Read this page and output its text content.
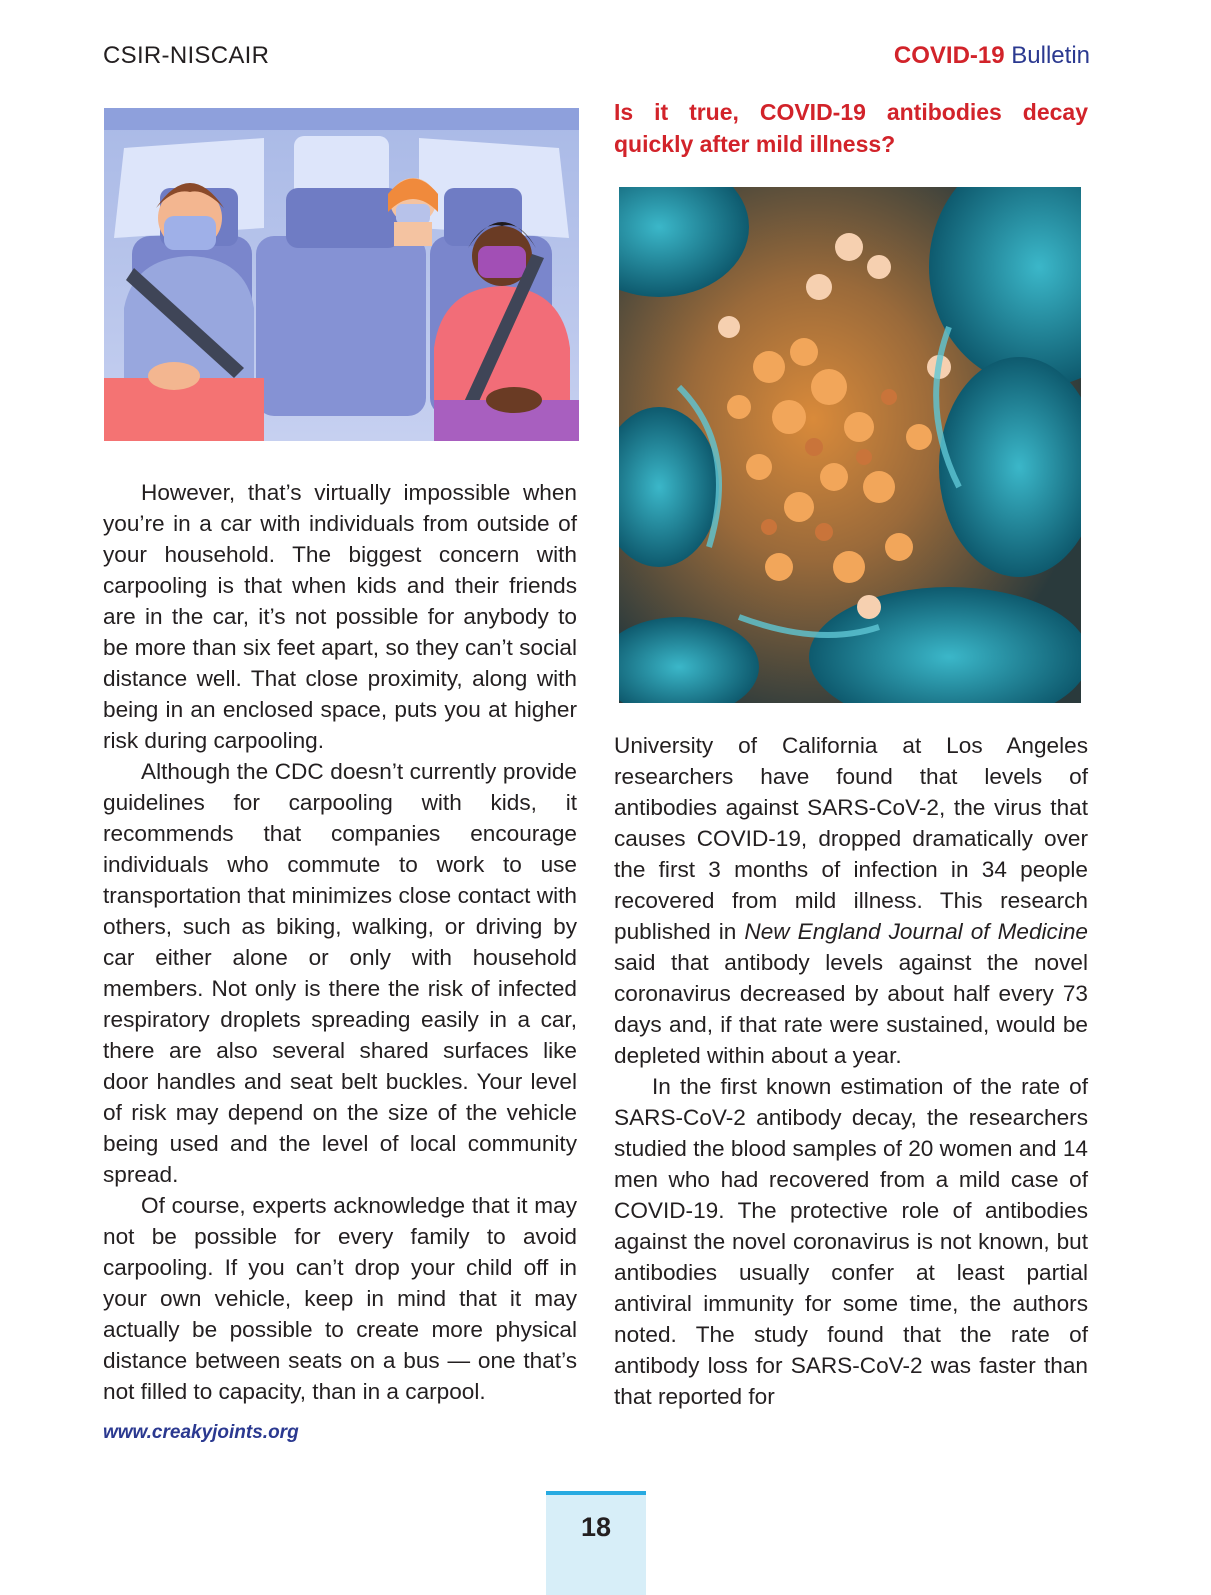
CSIR-NISCAIR	COVID-19 Bulletin

However, that’s virtually impossible when you’re in a car with individuals from outside of your household. The biggest concern with carpooling is that when kids and their friends are in the car, it’s not possible for anybody to be more than six feet apart, so they can’t social distance well. That close proximity, along with being in an enclosed space, puts you at higher risk during carpooling.

Although the CDC doesn’t currently provide guidelines for carpooling with kids, it recommends that companies encourage individuals who commute to work to use transportation that minimizes close contact with others, such as biking, walking, or driving by car either alone or only with household members. Not only is there the risk of infected respiratory droplets spreading easily in a car, there are also several shared surfaces like door handles and seat belt buckles. Your level of risk may depend on the size of the vehicle being used and the level of local community spread.

Of course, experts acknowledge that it may not be possible for every family to avoid carpooling. If you can’t drop your child off in your own vehicle, keep in mind that it may actually be possible to create more physical distance between seats on a bus — one that’s not filled to capacity, than in a carpool.

www.creakyjoints.org
Is it true, COVID-19 antibodies decay quickly after mild illness?

University of California at Los Angeles researchers have found that levels of antibodies against SARS-CoV-2, the virus that causes COVID-19, dropped dramatically over the first 3 months of infection in 34 people recovered from mild illness. This research published in New England Journal of Medicine said that antibody levels against the novel coronavirus decreased by about half every 73 days and, if that rate were sustained, would be depleted within about a year.

In the first known estimation of the rate of SARS-CoV-2 antibody decay, the researchers studied the blood samples of 20 women and 14 men who had recovered from a mild case of COVID-19. The protective role of antibodies against the novel coronavirus is not known, but antibodies usually confer at least partial antiviral immunity for some time, the authors noted. The study found that the rate of antibody loss for SARS-CoV-2 was faster than that reported for

18
